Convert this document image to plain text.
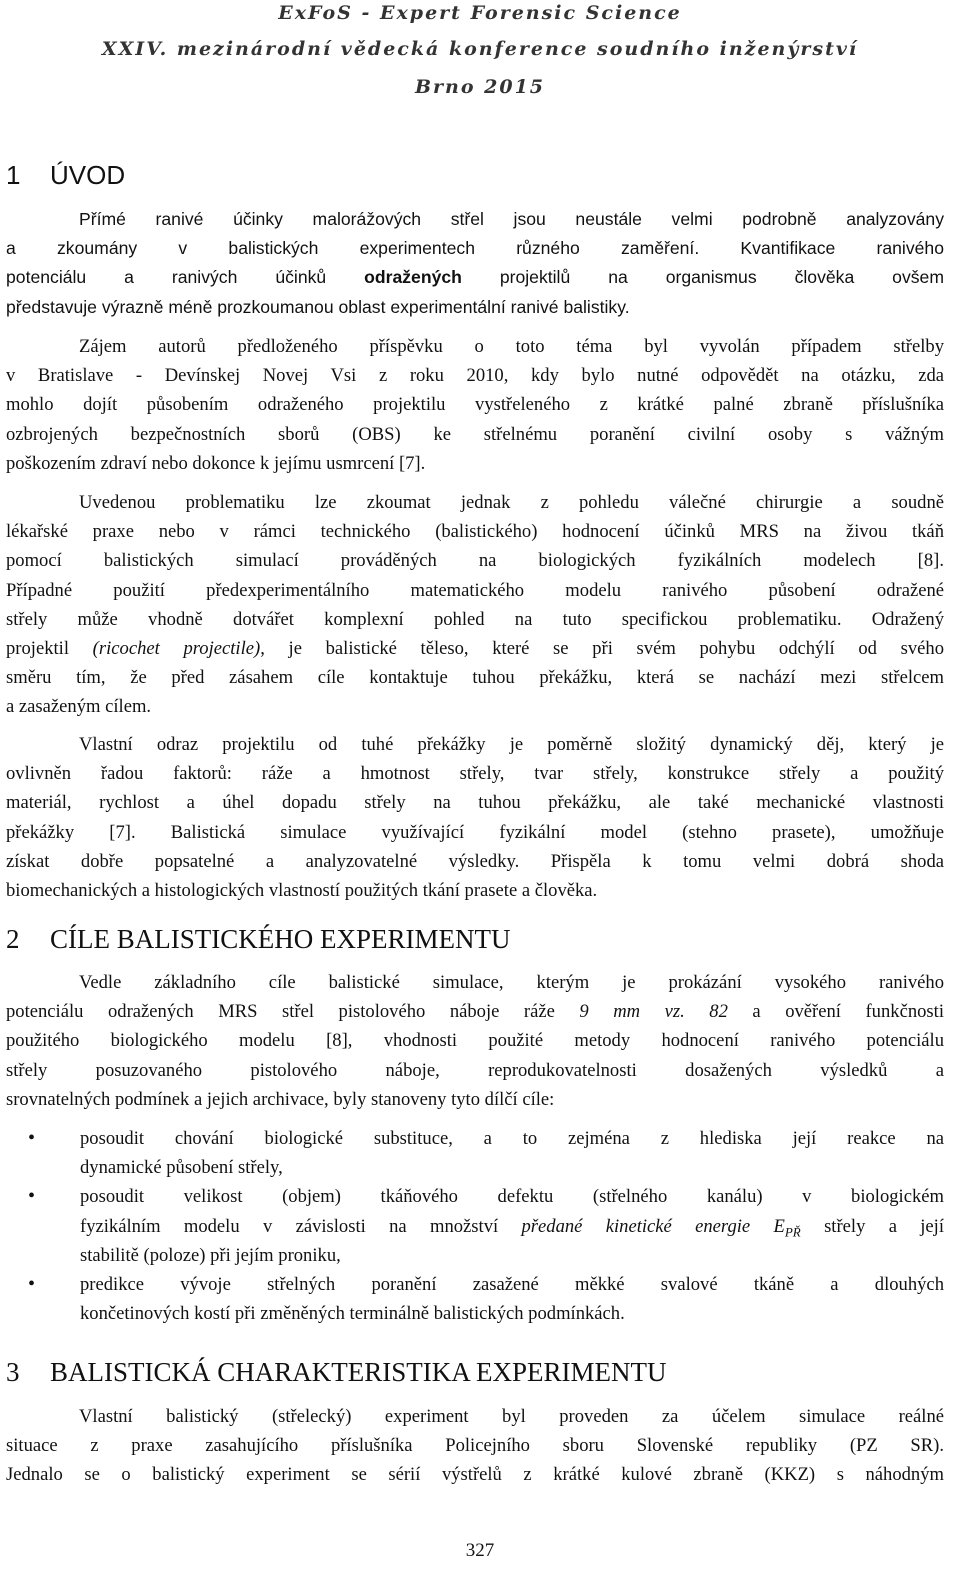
ExFoS - Expert Forensic Science
XXIV. mezinárodní vědecká konference soudního inženýrství
Brno 2015
1 ÚVOD
Přímé ranivé účinky malorážových střel jsou neustále velmi podrobně analyzovány
a zkoumány v balistických experimentech různého zaměření. Kvantifikace ranivého
potenciálu a ranivých účinků odražených projektilů na organismus člověka ovšem
představuje výrazně méně prozkoumanou oblast experimentální ranivé balistiky.
Zájem autorů předloženého příspěvku o toto téma byl vyvolán případem střelby
v Bratislave - Devínskej Novej Vsi z roku 2010, kdy bylo nutné odpovědět na otázku, zda
mohlo dojít působením odraženého projektilu vystřeleného z krátké palné zbraně příslušníka
ozbrojených bezpečnostních sborů (OBS) ke střelnému poranění civilní osoby s vážným
poškozením zdraví nebo dokonce k jejímu usmrcení [7].
Uvedenou problematiku lze zkoumat jednak z pohledu válečné chirurgie a soudně
lékařské praxe nebo v rámci technického (balistického) hodnocení účinků MRS na živou tkáň
pomocí balistických simulací prováděných na biologických fyzikálních modelech [8].
Případné použití předexperimentálního matematického modelu ranivého působení odražené
střely může vhodně dotvářet komplexní pohled na tuto specifickou problematiku. Odražený
projektil (ricochet projectile), je balistické těleso, které se při svém pohybu odchýlí od svého
směru tím, že před zásahem cíle kontaktuje tuhou překážku, která se nachází mezi střelcem
a zasaženým cílem.
Vlastní odraz projektilu od tuhé překážky je poměrně složitý dynamický děj, který je
ovlivněn řadou faktorů: ráže a hmotnost střely, tvar střely, konstrukce střely a použitý
materiál, rychlost a úhel dopadu střely na tuhou překážku, ale také mechanické vlastnosti
překážky [7]. Balistická simulace využívající fyzikální model (stehno prasete), umožňuje
získat dobře popsatelné a analyzovatelné výsledky. Přispěla k tomu velmi dobrá shoda
biomechanických a histologických vlastností použitých tkání prasete a člověka.
2 CÍLE BALISTICKÉHO EXPERIMENTU
Vedle základního cíle balistické simulace, kterým je prokázání vysokého ranivého
potenciálu odražených MRS střel pistolového náboje ráže 9 mm vz. 82 a ověření funkčnosti
použitého biologického modelu [8], vhodnosti použité metody hodnocení ranivého potenciálu
střely posuzovaného pistolového náboje, reprodukovatelnosti dosažených výsledků a
srovnatelných podmínek a jejich archivace, byly stanoveny tyto dílčí cíle:
• posoudit chování biologické substituce, a to zejména z hlediska její reakce na
dynamické působení střely,
• posoudit velikost (objem) tkáňového defektu (střelného kanálu) v biologickém
fyzikálním modelu v závislosti na množství předané kinetické energie $E_{PŘ}$ střely a její
stabilitě (poloze) při jejím proniku,
• predikce vývoje střelných poranění zasažené měkké svalové tkáně a dlouhých
končetinových kostí při změněných terminálně balistických podmínkách.
3 BALISTICKÁ CHARAKTERISTIKA EXPERIMENTU
Vlastní balistický (střelecký) experiment byl proveden za účelem simulace reálné
situace z praxe zasahujícího příslušníka Policejního sboru Slovenské republiky (PZ SR).
Jednalo se o balistický experiment se sérií výstřelů z krátké kulové zbraně (KKZ) s náhodným
327
